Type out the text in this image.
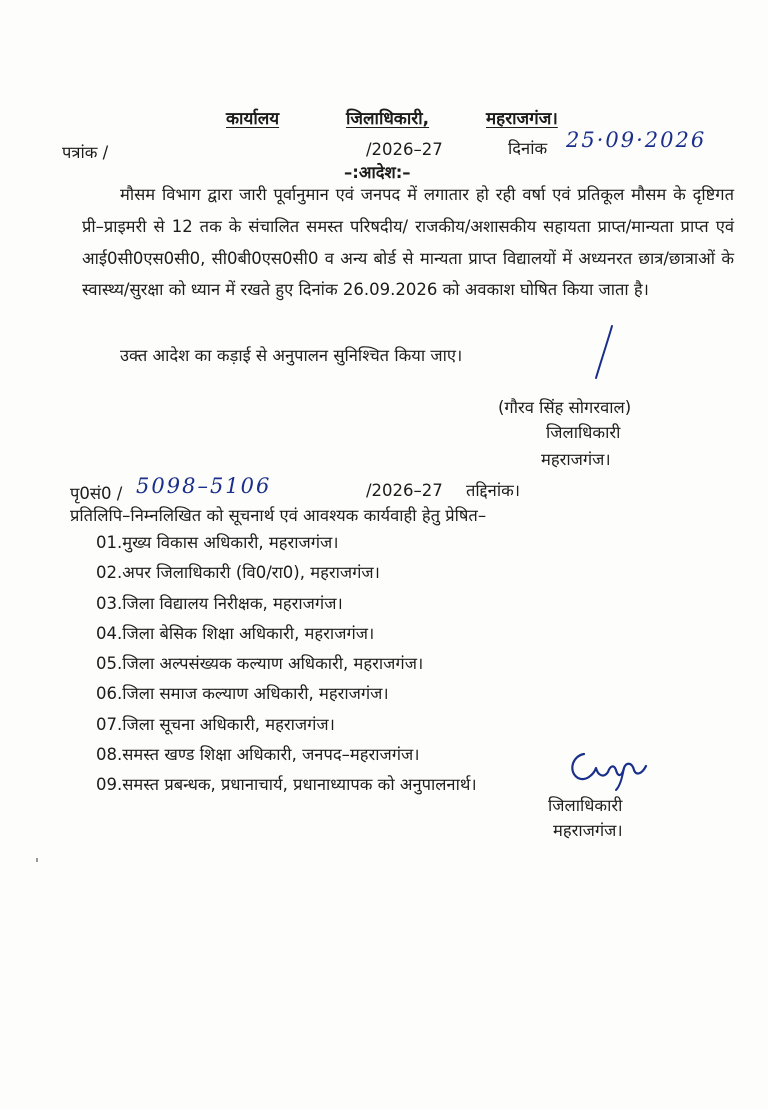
कार्यालय	जिलाधिकारी,	महराजगंज।
पत्रांक /	/2026–27	दिनांक 25·09·2026
–:आदेश:–
मौसम विभाग द्वारा जारी पूर्वानुमान एवं जनपद में लगातार हो रही वर्षा एवं प्रतिकूल मौसम के दृष्टिगत प्री–प्राइमरी से 12 तक के संचालित समस्त परिषदीय/ राजकीय/अशासकीय सहायता प्राप्त/मान्यता प्राप्त एवं आई0सी0एस0सी0, सी0बी0एस0सी0 व अन्य बोर्ड से मान्यता प्राप्त विद्यालयों में अध्यनरत छात्र/छात्राओं के स्वास्थ्य/सुरक्षा को ध्यान में रखते हुए दिनांक 26.09.2026 को अवकाश घोषित किया जाता है।
उक्त आदेश का कड़ाई से अनुपालन सुनिश्चित किया जाए।
(गौरव सिंह सोगरवाल)
जिलाधिकारी
महराजगंज।
पृ0सं0 / 5098–5106	/2026–27 तद्दिनांक।
प्रतिलिपि–निम्नलिखित को सूचनार्थ एवं आवश्यक कार्यवाही हेतु प्रेषित–
01.मुख्य विकास अधिकारी, महराजगंज।
02.अपर जिलाधिकारी (वि0/रा0), महराजगंज।
03.जिला विद्यालय निरीक्षक, महराजगंज।
04.जिला बेसिक शिक्षा अधिकारी, महराजगंज।
05.जिला अल्पसंख्यक कल्याण अधिकारी, महराजगंज।
06.जिला समाज कल्याण अधिकारी, महराजगंज।
07.जिला सूचना अधिकारी, महराजगंज।
08.समस्त खण्ड शिक्षा अधिकारी, जनपद–महराजगंज।
09.समस्त प्रबन्धक, प्रधानाचार्य, प्रधानाध्यापक को अनुपालनार्थ।
जिलाधिकारी
महराजगंज।
